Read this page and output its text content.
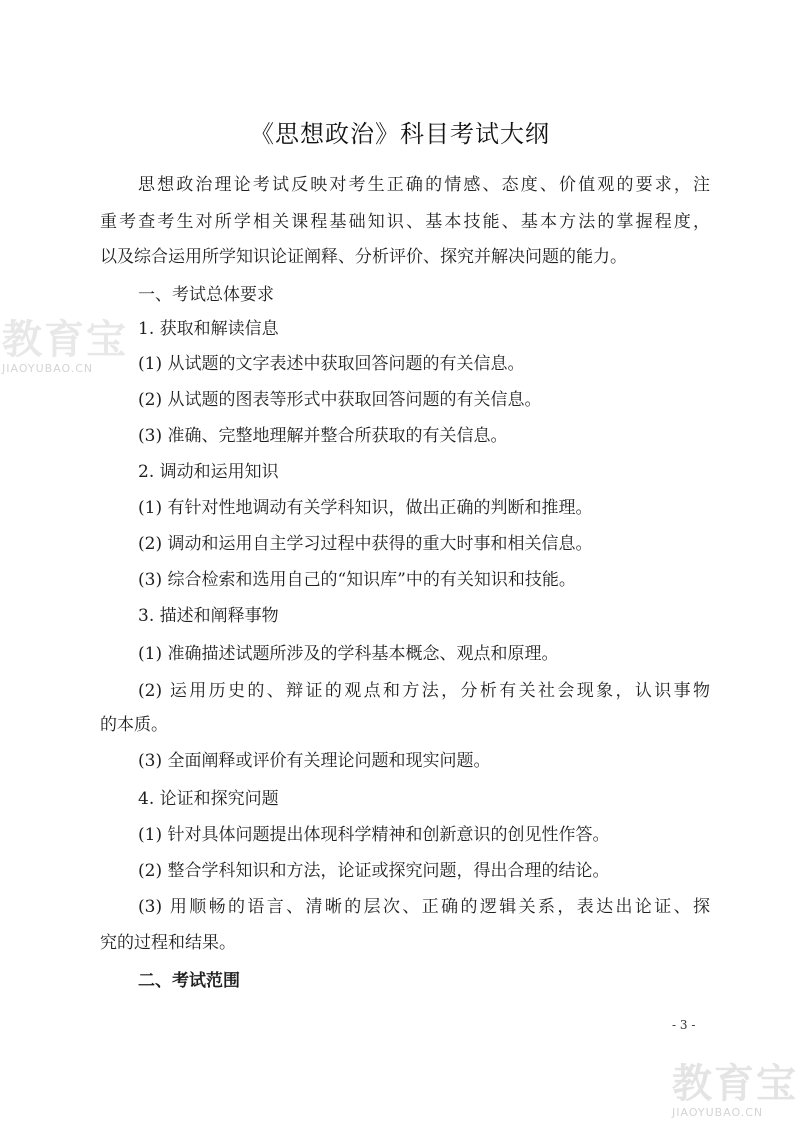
《思想政治》科目考试大纲
思想政治理论考试反映对考生正确的情感、态度、价值观的要求，注
重考查考生对所学相关课程基础知识、基本技能、基本方法的掌握程度，
以及综合运用所学知识论证阐释、分析评价、探究并解决问题的能力。
一、考试总体要求
1. 获取和解读信息
(1) 从试题的文字表述中获取回答问题的有关信息。
(2) 从试题的图表等形式中获取回答问题的有关信息。
(3) 准确、完整地理解并整合所获取的有关信息。
2. 调动和运用知识
(1) 有针对性地调动有关学科知识，做出正确的判断和推理。
(2) 调动和运用自主学习过程中获得的重大时事和相关信息。
(3) 综合检索和选用自己的“知识库”中的有关知识和技能。
3. 描述和阐释事物
(1) 准确描述试题所涉及的学科基本概念、观点和原理。
(2) 运用历史的、辩证的观点和方法，分析有关社会现象，认识事物
的本质。
(3) 全面阐释或评价有关理论问题和现实问题。
4. 论证和探究问题
(1) 针对具体问题提出体现科学精神和创新意识的创见性作答。
(2) 整合学科知识和方法，论证或探究问题，得出合理的结论。
(3) 用顺畅的语言、清晰的层次、正确的逻辑关系，表达出论证、探
究的过程和结果。
二、考试范围
- 3 -
教育宝
JIAOYUBAO.CN
教育宝
JIAOYUBAO.CN
